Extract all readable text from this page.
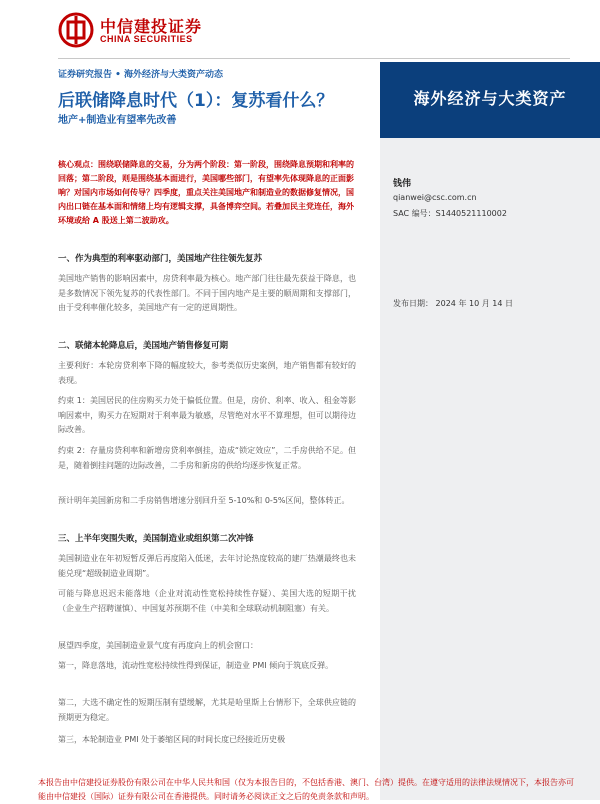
中信建投证券
CHINA SECURITIES
海外经济与大类资产
钱伟
qianwei@csc.com.cn
SAC 编号：S1440521110002
发布日期： 2024 年 10 月 14 日
证券研究报告 • 海外经济与大类资产动态
后联储降息时代（1）：复苏看什么？
地产+制造业有望率先改善
核心观点：围绕联储降息的交易，分为两个阶段：第一阶段，围绕降息预期和利率的回落；第二阶段，则是围绕基本面进行，美国哪些部门，有望率先体现降息的正面影响？对国内市场如何传导？四季度，重点关注美国地产和制造业的数据修复情况，国内出口链在基本面和情绪上均有逻辑支撑，具备博弈空间。若叠加民主党连任，海外环境或给 A 股送上第二波助攻。
一、作为典型的利率驱动部门，美国地产往往领先复苏
美国地产销售的影响因素中，房贷利率最为核心。地产部门往往最先获益于降息，也是多数情况下领先复苏的代表性部门。不同于国内地产是主要的顺周期和支撑部门，由于受利率催化较多，美国地产有一定的逆周期性。
二、联储本轮降息后，美国地产销售修复可期
主要利好：本轮房贷利率下降的幅度较大，参考类似历史案例，地产销售都有较好的表现。
约束 1：美国居民的住房购买力处于偏低位置。但是，房价、利率、收入、租金等影响因素中，购买力在短期对于利率最为敏感，尽管绝对水平不算理想，但可以期待边际改善。
约束 2：存量房贷利率和新增房贷利率倒挂，造成“锁定效应”，二手房供给不足。但是，随着倒挂问题的边际改善，二手房和新房的供给均逐步恢复正常。
预计明年美国新房和二手房销售增速分别回升至 5-10%和 0-5%区间，整体转正。
三、上半年突围失败，美国制造业或组织第二次冲锋
美国制造业在年初短暂反弹后再度陷入低迷，去年讨论热度较高的建厂热潮最终也未能兑现“超级制造业周期”。
可能与降息迟迟未能落地（企业对流动性宽松持续性存疑）、美国大选的短期干扰（企业生产招聘谨慎）、中国复苏预期不佳（中美和全球联动机制阻塞）有关。
展望四季度，美国制造业景气度有再度向上的机会窗口：
第一，降息落地，流动性宽松持续性得到保证，制造业 PMI 倾向于筑底反弹。
第二，大选不确定性的短期压制有望缓解，尤其是哈里斯上台情形下，全球供应链的预期更为稳定。
第三，本轮制造业 PMI 处于萎缩区间的时间长度已经接近历史极
本报告由中信建投证券股份有限公司在中华人民共和国（仅为本报告目的，不包括香港、澳门、台湾）提供。在遵守适用的法律法规情况下，本报告亦可能由中信建投（国际）证券有限公司在香港提供。同时请务必阅读正文之后的免责条款和声明。
